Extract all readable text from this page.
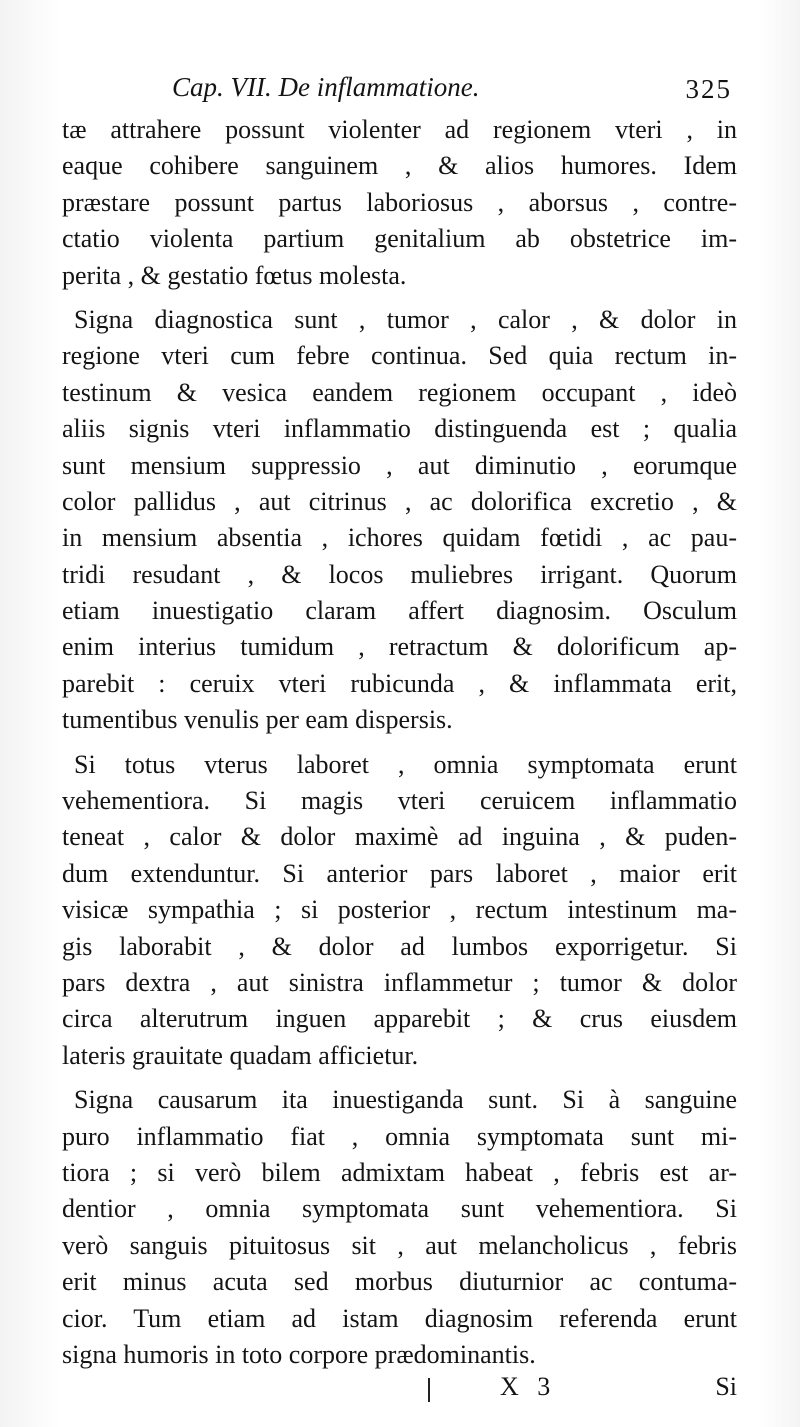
Cap. VII. De inflammatione.	325
tæ attrahere possunt violenter ad regionem vteri , in
eaque cohibere sanguinem , & alios humores. Idem
præstare possunt partus laboriosus , aborsus , contre-
ctatio violenta partium genitalium ab obstetrice im-
perita , & gestatio fœtus molesta.
Signa diagnostica sunt , tumor , calor , & dolor in
regione vteri cum febre continua. Sed quia rectum in-
testinum & vesica eandem regionem occupant , ideò
aliis signis vteri inflammatio distinguenda est ; qualia
sunt mensium suppressio , aut diminutio , eorumque
color pallidus , aut citrinus , ac dolorifica excretio , &
in mensium absentia , ichores quidam fœtidi , ac pau-
tridi resudant , & locos muliebres irrigant. Quorum
etiam inuestigatio claram affert diagnosim. Osculum
enim interius tumidum , retractum & dolorificum ap-
parebit : ceruix vteri rubicunda , & inflammata erit,
tumentibus venulis per eam dispersis.
Si totus vterus laboret , omnia symptomata erunt
vehementiora. Si magis vteri ceruicem inflammatio
teneat , calor & dolor maximè ad inguina , & puden-
dum extenduntur. Si anterior pars laboret , maior erit
visicæ sympathia ; si posterior , rectum intestinum ma-
gis laborabit , & dolor ad lumbos exporrigetur. Si
pars dextra , aut sinistra inflammetur ; tumor & dolor
circa alterutrum inguen apparebit ; & crus eiusdem
lateris grauitate quadam afficietur.
Signa causarum ita inuestiganda sunt. Si à sanguine
puro inflammatio fiat , omnia symptomata sunt mi-
tiora ; si verò bilem admixtam habeat , febris est ar-
dentior , omnia symptomata sunt vehementiora. Si
verò sanguis pituitosus sit , aut melancholicus , febris
erit minus acuta sed morbus diuturnior ac contuma-
cior. Tum etiam ad istam diagnosim referenda erunt
signa humoris in toto corpore prædominantis.
X 3	Si
